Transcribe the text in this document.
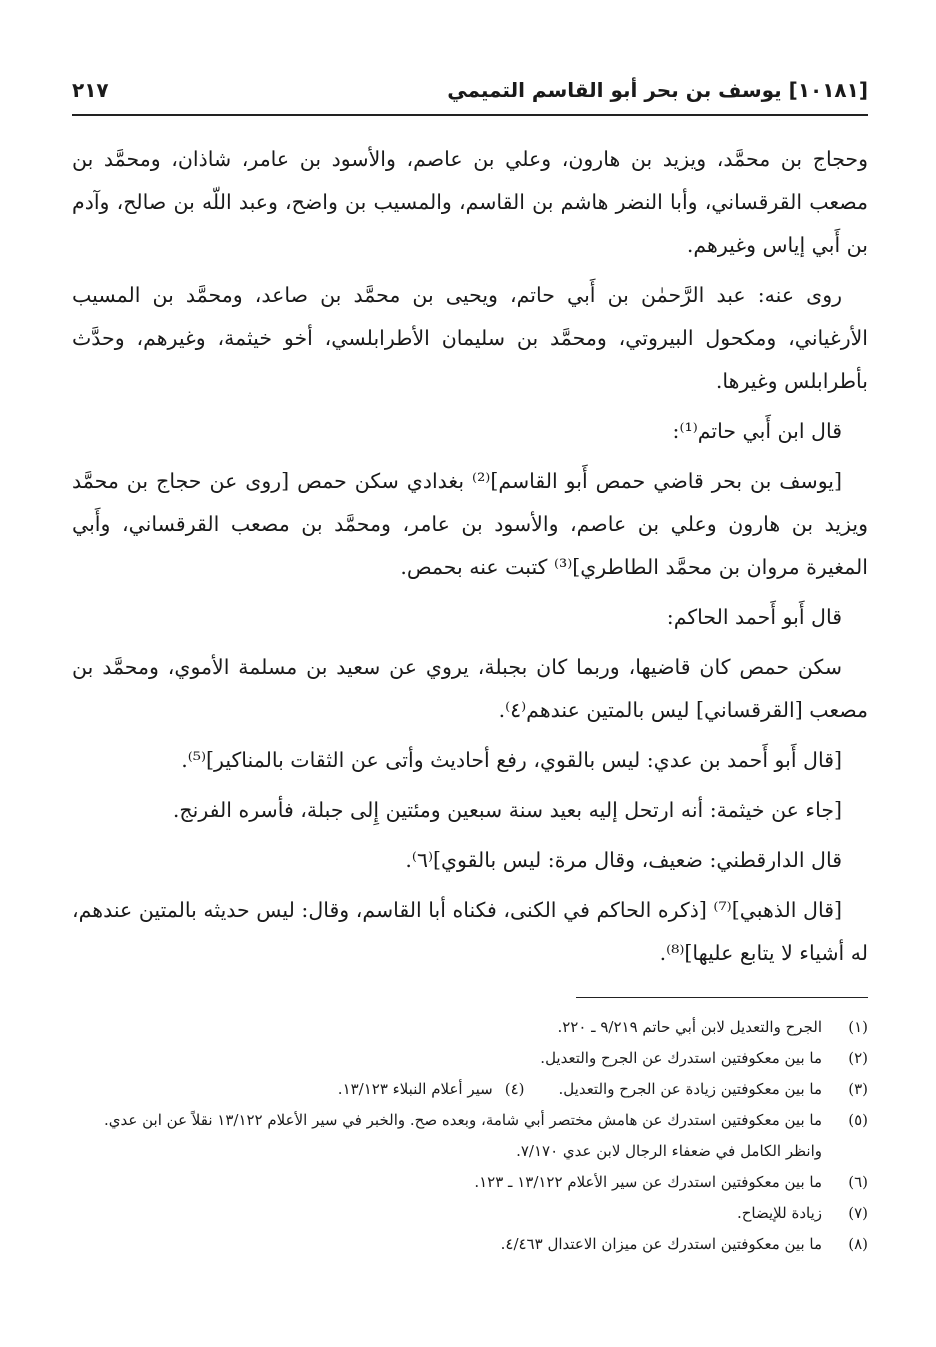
[١٠١٨١] يوسف بن بحر أبو القاسم التميمي
٢١٧

وحجاج بن محمَّد، ويزيد بن هارون، وعلي بن عاصم، والأسود بن عامر، شاذان، ومحمَّد بن مصعب القرقساني، وأبا النضر هاشم بن القاسم، والمسيب بن واضح، وعبد اللّه بن صالح، وآدم بن أَبي إياس وغيرهم.

روى عنه: عبد الرَّحمٰن بن أَبي حاتم، ويحيى بن محمَّد بن صاعد، ومحمَّد بن المسيب الأرغياني، ومكحول البيروتي، ومحمَّد بن سليمان الأطرابلسي، أخو خيثمة، وغيرهم، وحدَّث بأطرابلس وغيرها.

قال ابن أَبي حاتم⁽¹⁾:

[يوسف بن بحر قاضي حمص أَبو القاسم]⁽²⁾ بغدادي سكن حمص [روى عن حجاج بن محمَّد ويزيد بن هارون وعلي بن عاصم، والأسود بن عامر، ومحمَّد بن مصعب القرقساني، وأَبي المغيرة مروان بن محمَّد الطاطري]⁽³⁾ كتبت عنه بحمص.

قال أَبو أَحمد الحاكم:

سكن حمص كان قاضيها، وربما كان بجبلة، يروي عن سعيد بن مسلمة الأموي، ومحمَّد بن مصعب [القرقساني] ليس بالمتين عندهم⁽٤⁾.

[قال أَبو أَحمد بن عدي: ليس بالقوي، رفع أحاديث وأتى عن الثقات بالمناكير]⁽⁵⁾.

[جاء عن خيثمة: أنه ارتحل إليه بعيد سنة سبعين ومئتين إِلى جبلة، فأسره الفرنج.

قال الدارقطني: ضعيف، وقال مرة: ليس بالقوي]⁽٦⁾.

[قال الذهبي]⁽⁷⁾ [ذكره الحاكم في الكنى، فكناه أبا القاسم، وقال: ليس حديثه بالمتين عندهم، له أشياء لا يتابع عليها]⁽⁸⁾.

(١)
الجرح والتعديل لابن أبي حاتم ٩/٢١٩ ـ ٢٢٠.
(٢)
ما بين معكوفتين استدرك عن الجرح والتعديل.
(٣)
ما بين معكوفتين زيادة عن الجرح والتعديل.(٤)سير أعلام النبلاء ١٣/١٢٣.
(٥)
ما بين معكوفتين استدرك عن هامش مختصر أبي شامة، وبعده صح. والخبر في سير الأعلام ١٣/١٢٢ نقلاً عن ابن عدي. وانظر الكامل في ضعفاء الرجال لابن عدي ٧/١٧٠.
(٦)
ما بين معكوفتين استدرك عن سير الأعلام ١٣/١٢٢ ـ ١٢٣.
(٧)
زيادة للإيضاح.
(٨)
ما بين معكوفتين استدرك عن ميزان الاعتدال ٤/٤٦٣.
